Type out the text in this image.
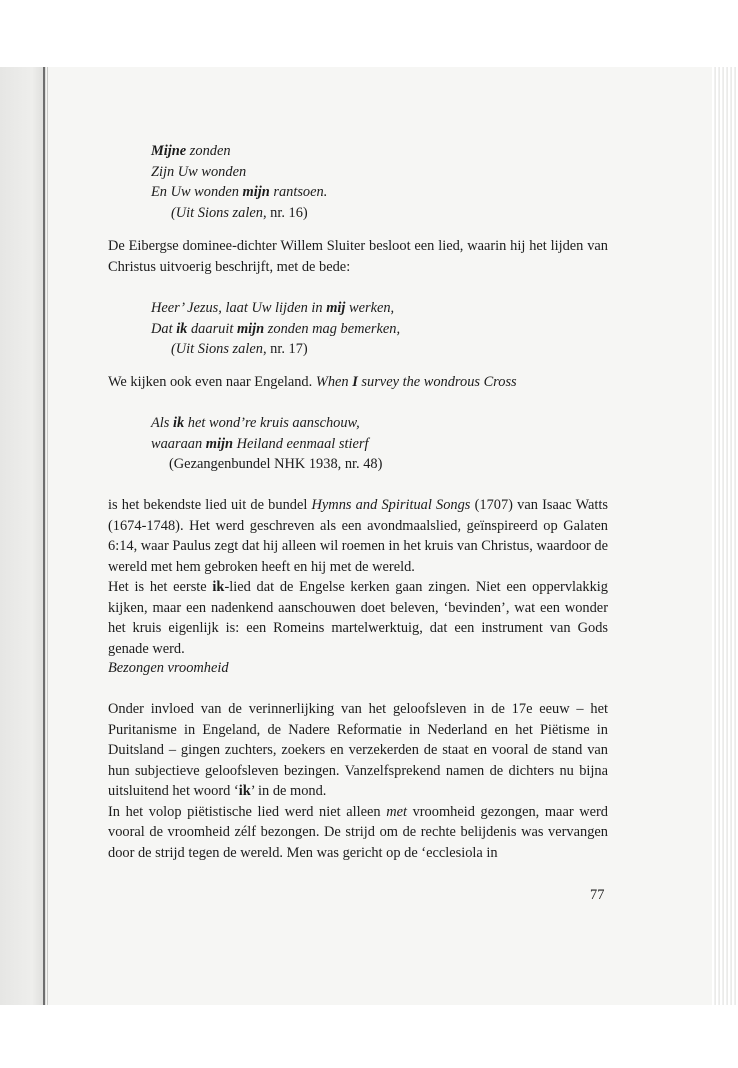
Mijne zonden

Zijn Uw wonden

En Uw wonden mijn rantsoen.

(Uit Sions zalen, nr. 16)

De Eibergse dominee-dichter Willem Sluiter besloot een lied, waarin hij het lijden van Christus uitvoerig beschrijft, met de bede:

Heer’ Jezus, laat Uw lijden in mij werken,

Dat ik daaruit mijn zonden mag bemerken,

(Uit Sions zalen, nr. 17)

We kijken ook even naar Engeland. When I survey the wondrous Cross

Als ik het wond’re kruis aanschouw,

waaraan mijn Heiland eenmaal stierf

(Gezangenbundel NHK 1938, nr. 48)

is het bekendste lied uit de bundel Hymns and Spiritual Songs (1707) van Isaac Watts (1674-1748). Het werd geschreven als een avondmaalslied, geïnspireerd op Galaten 6:14, waar Paulus zegt dat hij alleen wil roemen in het kruis van Christus, waardoor de wereld met hem gebroken heeft en hij met de wereld.

Het is het eerste ik-lied dat de Engelse kerken gaan zingen. Niet een oppervlakkig kijken, maar een nadenkend aanschouwen doet beleven, ‘bevinden’, wat een wonder het kruis eigenlijk is: een Romeins martelwerktuig, dat een instrument van Gods genade werd.

Bezongen vroomheid

Onder invloed van de verinnerlijking van het geloofsleven in de 17e eeuw – het Puritanisme in Engeland, de Nadere Reformatie in Nederland en het Piëtisme in Duitsland – gingen zuchters, zoekers en verzekerden de staat en vooral de stand van hun subjectieve geloofsleven bezingen. Vanzelfsprekend namen de dichters nu bijna uitsluitend het woord ‘ik’ in de mond.

In het volop piëtistische lied werd niet alleen met vroomheid gezongen, maar werd vooral de vroomheid zélf bezongen. De strijd om de rechte belijdenis was vervangen door de strijd tegen de wereld. Men was gericht op de ‘ecclesiola in

77
